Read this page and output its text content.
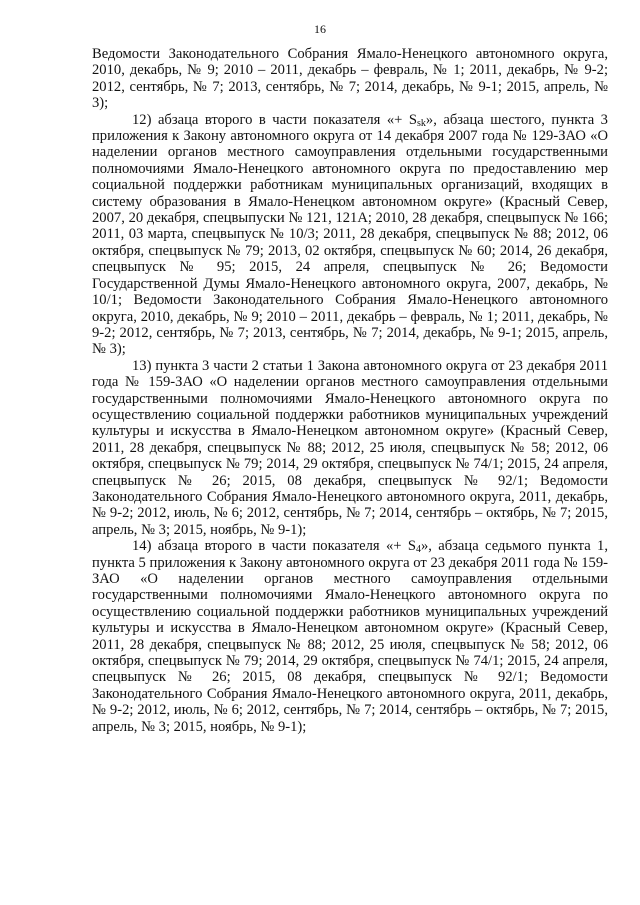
16

Ведомости Законодательного Собрания Ямало-Ненецкого автономного округа, 2010, декабрь, № 9; 2010 – 2011, декабрь – февраль, № 1; 2011, декабрь, № 9-2; 2012, сентябрь, № 7; 2013, сентябрь, № 7; 2014, декабрь, № 9-1; 2015, апрель, № 3);

12) абзаца второго в части показателя «+ $S_{sk}$», абзаца шестого, пункта 3 приложения к Закону автономного округа от 14 декабря 2007 года № 129-ЗАО «О наделении органов местного самоуправления отдельными государственными полномочиями Ямало-Ненецкого автономного округа по предоставлению мер социальной поддержки работникам муниципальных организаций, входящих в систему образования в Ямало-Ненецком автономном округе» (Красный Север, 2007, 20 декабря, спецвыпуски № 121, 121А; 2010, 28 декабря, спецвыпуск № 166; 2011, 03 марта, спецвыпуск № 10/3; 2011, 28 декабря, спецвыпуск № 88; 2012, 06 октября, спецвыпуск № 79; 2013, 02 октября, спецвыпуск № 60; 2014, 26 декабря, спецвыпуск № 95; 2015, 24 апреля, спецвыпуск № 26; Ведомости Государственной Думы Ямало-Ненецкого автономного округа, 2007, декабрь, № 10/1; Ведомости Законодательного Собрания Ямало-Ненецкого автономного округа, 2010, декабрь, № 9; 2010 – 2011, декабрь – февраль, № 1; 2011, декабрь, № 9-2; 2012, сентябрь, № 7; 2013, сентябрь, № 7; 2014, декабрь, № 9-1; 2015, апрель, № 3);

13) пункта 3 части 2 статьи 1 Закона автономного округа от 23 декабря 2011 года № 159-ЗАО «О наделении органов местного самоуправления отдельными государственными полномочиями Ямало-Ненецкого автономного округа по осуществлению социальной поддержки работников муниципальных учреждений культуры и искусства в Ямало-Ненецком автономном округе» (Красный Север, 2011, 28 декабря, спецвыпуск № 88; 2012, 25 июля, спецвыпуск № 58; 2012, 06 октября, спецвыпуск № 79; 2014, 29 октября, спецвыпуск № 74/1; 2015, 24 апреля, спецвыпуск № 26; 2015, 08 декабря, спецвыпуск № 92/1; Ведомости Законодательного Собрания Ямало-Ненецкого автономного округа, 2011, декабрь, № 9-2; 2012, июль, № 6; 2012, сентябрь, № 7; 2014, сентябрь – октябрь, № 7; 2015, апрель, № 3; 2015, ноябрь, № 9-1);

14) абзаца второго в части показателя «+ $S_4$», абзаца седьмого пункта 1, пункта 5 приложения к Закону автономного округа от 23 декабря 2011 года № 159-ЗАО «О наделении органов местного самоуправления отдельными государственными полномочиями Ямало-Ненецкого автономного округа по осуществлению социальной поддержки работников муниципальных учреждений культуры и искусства в Ямало-Ненецком автономном округе» (Красный Север, 2011, 28 декабря, спецвыпуск № 88; 2012, 25 июля, спецвыпуск № 58; 2012, 06 октября, спецвыпуск № 79; 2014, 29 октября, спецвыпуск № 74/1; 2015, 24 апреля, спецвыпуск № 26; 2015, 08 декабря, спецвыпуск № 92/1; Ведомости Законодательного Собрания Ямало-Ненецкого автономного округа, 2011, декабрь, № 9-2; 2012, июль, № 6; 2012, сентябрь, № 7; 2014, сентябрь – октябрь, № 7; 2015, апрель, № 3; 2015, ноябрь, № 9-1);
